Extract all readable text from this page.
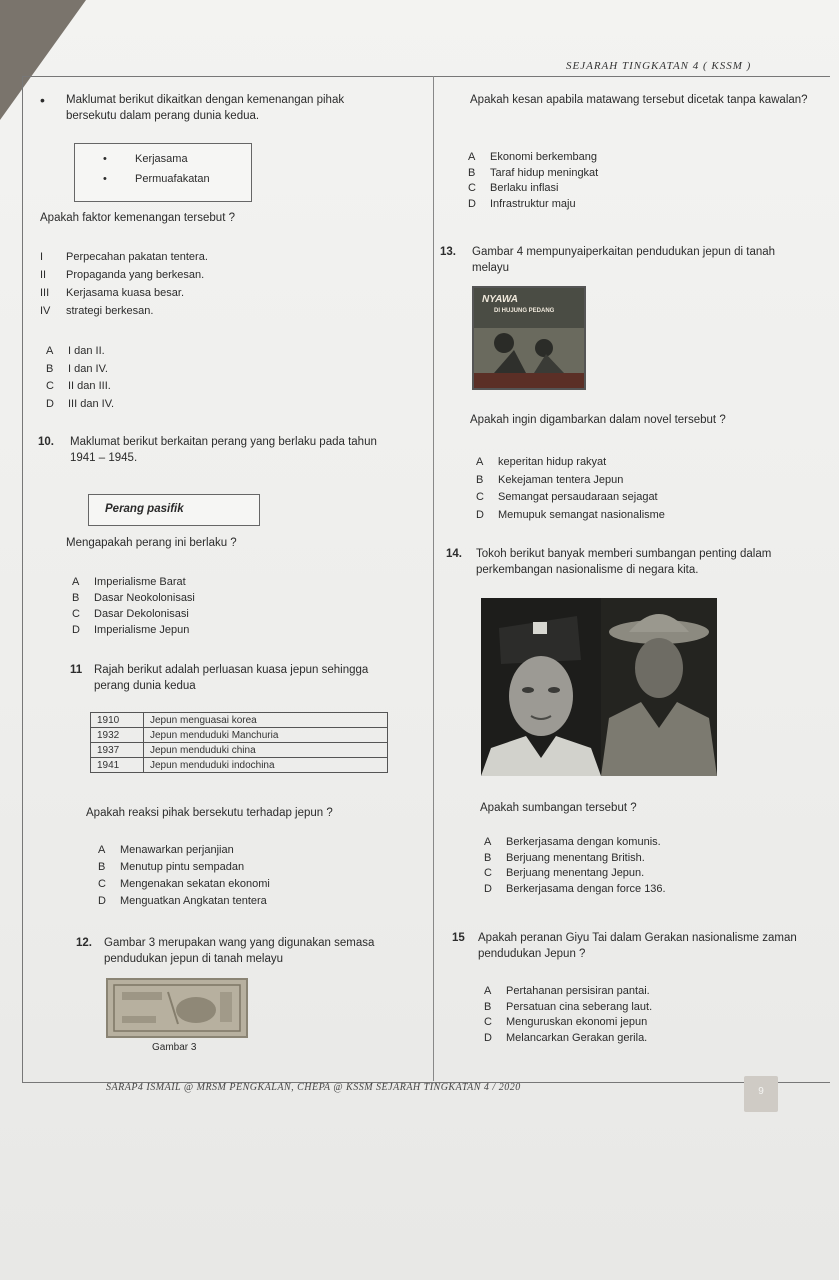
SEJARAH TINGKATAN 4 ( KSSM )
• Maklumat berikut dikaitkan dengan kemenangan pihak bersekutu dalam perang dunia kedua.
•	Kerjasama
•	Permuafakatan
Apakah faktor kemenangan tersebut ?
I Perpecahan pakatan tentera.
II Propaganda yang berkesan.
III Kerjasama kuasa besar.
IV strategi berkesan.
A I dan II.
B I dan IV.
C II dan III.
D III dan IV.
10. Maklumat berikut berkaitan perang yang berlaku pada tahun 1941 – 1945.
Perang pasifik
Mengapakah perang ini berlaku ?
A Imperialisme Barat
B Dasar Neokolonisasi
C Dasar Dekolonisasi
D Imperialisme Jepun
11 Rajah berikut adalah perluasan kuasa jepun sehingga perang dunia kedua
1910	Jepun menguasai korea
1932	Jepun menduduki Manchuria
1937	Jepun menduduki china
1941	Jepun menduduki indochina
Apakah reaksi pihak bersekutu terhadap jepun ?
A Menawarkan perjanjian
B Menutup pintu sempadan
C Mengenakan sekatan ekonomi
D Menguatkan Angkatan tentera
12. Gambar 3 merupakan wang yang digunakan semasa pendudukan jepun di tanah melayu
Gambar 3
Apakah kesan apabila matawang tersebut dicetak tanpa kawalan?
A Ekonomi berkembang
B Taraf hidup meningkat
C Berlaku inflasi
D Infrastruktur maju
13. Gambar 4 mempunyaiperkaitan pendudukan jepun di tanah melayu
NYAWA
DI HUJUNG PEDANG
Apakah ingin digambarkan dalam novel tersebut ?
A keperitan hidup rakyat
B Kekejaman tentera Jepun
C Semangat persaudaraan sejagat
D Memupuk semangat nasionalisme
14. Tokoh berikut banyak memberi sumbangan penting dalam perkembangan nasionalisme di negara kita.
Apakah sumbangan tersebut ?
A Berkerjasama dengan komunis.
B Berjuang menentang British.
C Berjuang menentang Jepun.
D Berkerjasama dengan force 136.
15 Apakah peranan Giyu Tai dalam Gerakan nasionalisme zaman pendudukan Jepun ?
A Pertahanan persisiran pantai.
B Persatuan cina seberang laut.
C Menguruskan ekonomi jepun
D Melancarkan Gerakan gerila.
SARAP4 ISMAIL @ MRSM PENGKALAN, CHEPA @ KSSM SEJARAH TINGKATAN 4 / 2020	9
